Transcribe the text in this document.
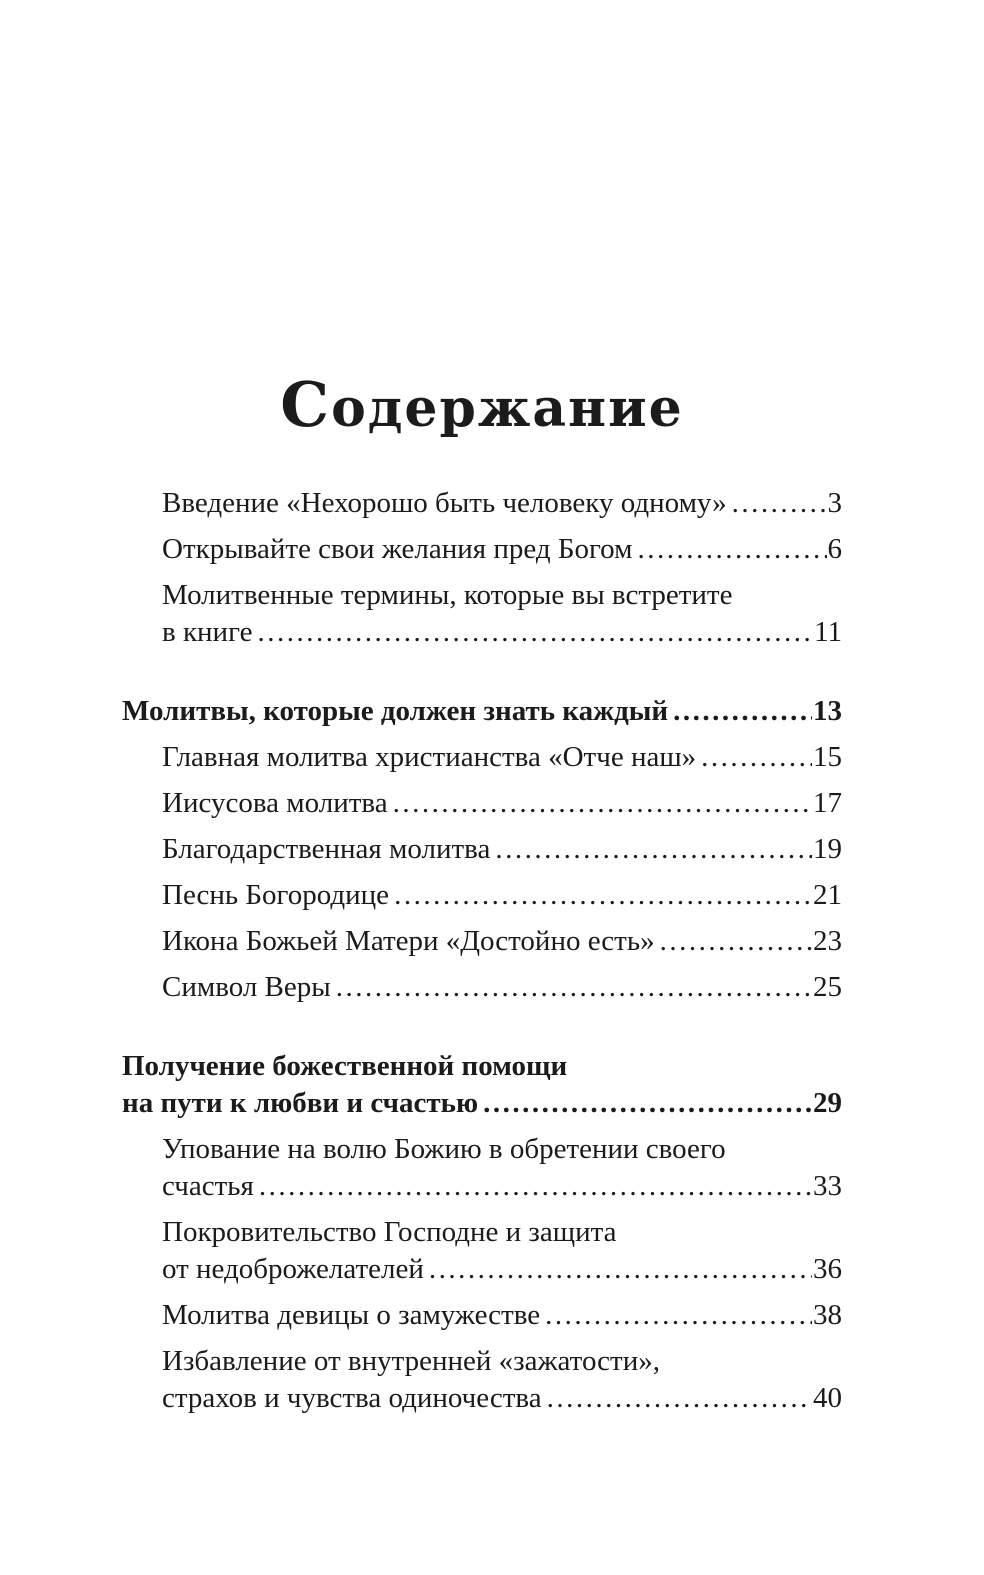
Содержание
Введение «Нехорошо быть человеку одному» .....	3
Открывайте свои желания пред Богом .....	6
Молитвенные термины, которые вы встретите
в книге .....	11
Молитвы, которые должен знать каждый .....	13
Главная молитва христианства «Отче наш» .....	15
Иисусова молитва .....	17
Благодарственная молитва .....	19
Песнь Богородице .....	21
Икона Божьей Матери «Достойно есть» .....	23
Символ Веры .....	25
Получение божественной помощи
на пути к любви и счастью .....	29
Упование на волю Божию в обретении своего
счастья .....	33
Покровительство Господне и защита
от недоброжелателей .....	36
Молитва девицы о замужестве .....	38
Избавление от внутренней «зажатости»,
страхов и чувства одиночества .....	40
